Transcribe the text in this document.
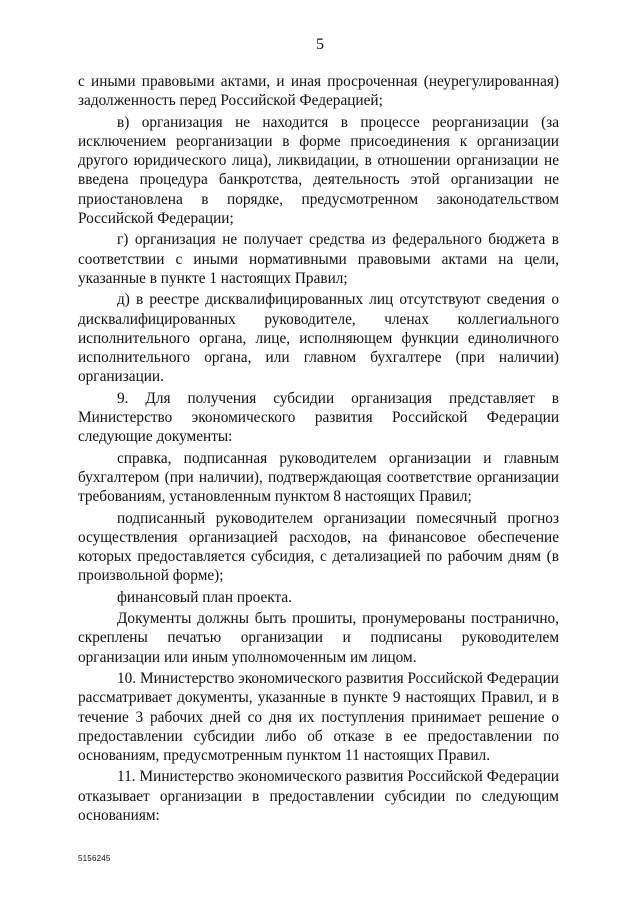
5

с иными правовыми актами, и иная просроченная (неурегулированная) задолженность перед Российской Федерацией;

в) организация не находится в процессе реорганизации (за исключением реорганизации в форме присоединения к организации другого юридического лица), ликвидации, в отношении организации не введена процедура банкротства, деятельность этой организации не приостановлена в порядке, предусмотренном законодательством Российской Федерации;

г) организация не получает средства из федерального бюджета в соответствии с иными нормативными правовыми актами на цели, указанные в пункте 1 настоящих Правил;

д) в реестре дисквалифицированных лиц отсутствуют сведения о дисквалифицированных руководителе, членах коллегиального исполнительного органа, лице, исполняющем функции единоличного исполнительного органа, или главном бухгалтере (при наличии) организации.

9. Для получения субсидии организация представляет в Министерство экономического развития Российской Федерации следующие документы:

справка, подписанная руководителем организации и главным бухгалтером (при наличии), подтверждающая соответствие организации требованиям, установленным пунктом 8 настоящих Правил;

подписанный руководителем организации помесячный прогноз осуществления организацией расходов, на финансовое обеспечение которых предоставляется субсидия, с детализацией по рабочим дням (в произвольной форме);

финансовый план проекта.

Документы должны быть прошиты, пронумерованы постранично, скреплены печатью организации и подписаны руководителем организации или иным уполномоченным им лицом.

10. Министерство экономического развития Российской Федерации рассматривает документы, указанные в пункте 9 настоящих Правил, и в течение 3 рабочих дней со дня их поступления принимает решение о предоставлении субсидии либо об отказе в ее предоставлении по основаниям, предусмотренным пунктом 11 настоящих Правил.

11. Министерство экономического развития Российской Федерации отказывает организации в предоставлении субсидии по следующим основаниям:

5156245
